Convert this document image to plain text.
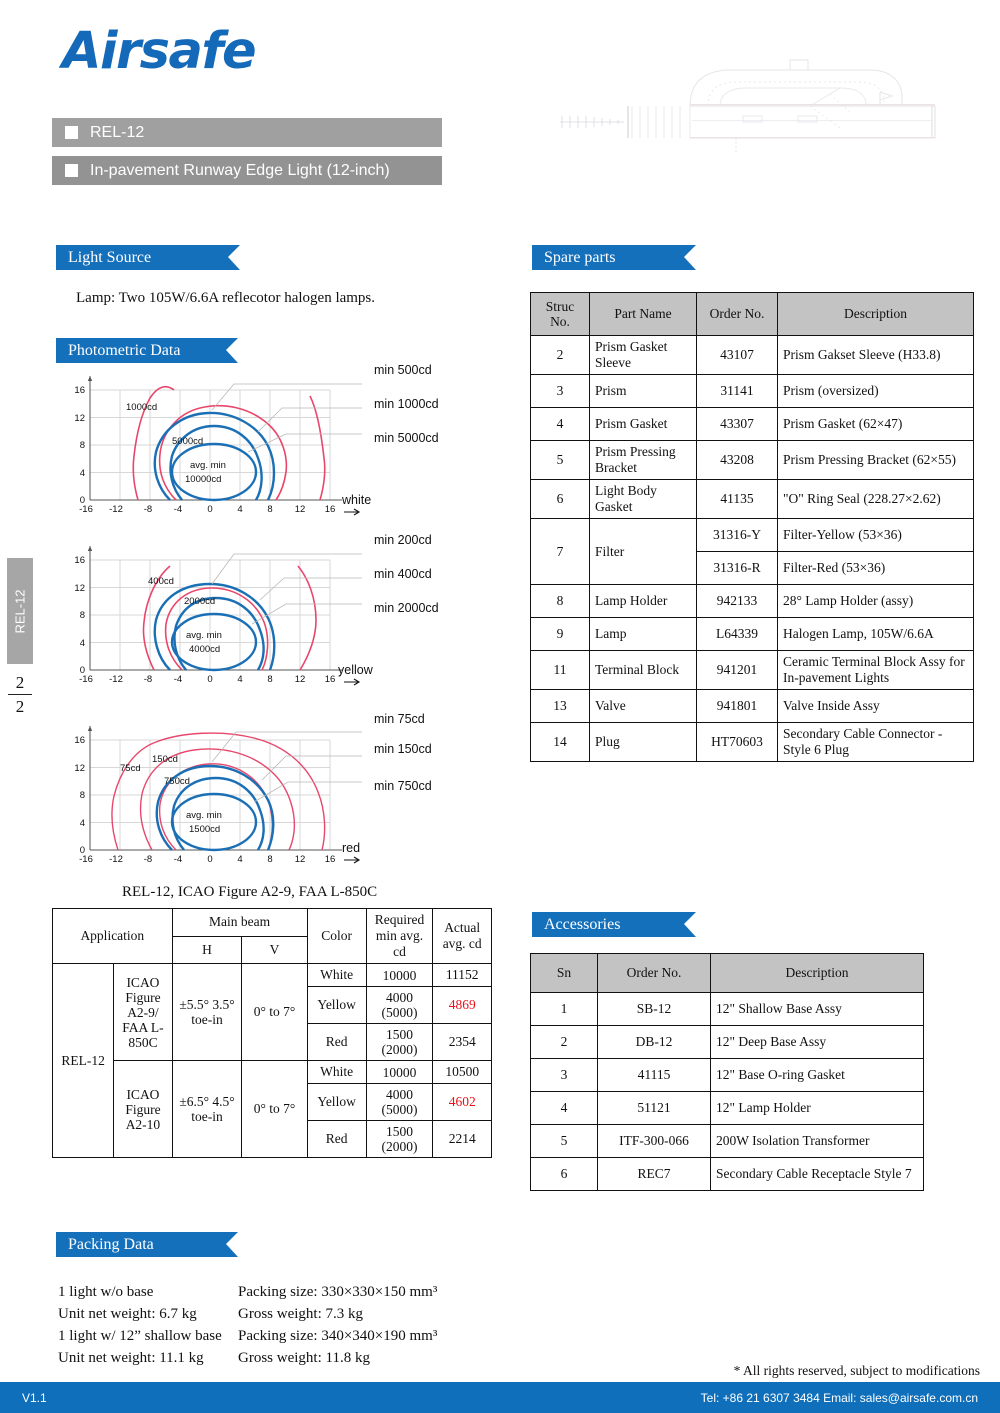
Airsafe
REL-12
In-pavement Runway Edge Light (12-inch)
REL-12
2
2
Light Source
Lamp: Two 105W/6.6A reflecotor halogen lamps.
Photometric Data
-16 -12 -8 -4	0	4	8 12 16
0
4
8
12
16
1000cd
5000cd
avg. min
10000cd
min 500cd
min 1000cd
min 5000cd
white
-16 -12 -8 -4	0	4	8 12 16
0
4
8
12
16
400cd
2000cd
avg. min
4000cd
min 200cd
min 400cd
min 2000cd
yellow
-16 -12 -8 -4	0	4	8 12 16
0
4
8
12
16
75cd
150cd
750cd
avg. min
1500cd
min 75cd
min 150cd
min 750cd
red
REL-12, ICAO Figure A2-9, FAA L-850C
Application		Main beam		Color	Required min avg. cd	Actual avg. cd
		H	V			
REL-12	ICAO Figure A2-9/ FAA L-850C	±5.5° 3.5° toe-in	0° to 7°	White	10000	11152
				Yellow	4000 (5000)	4869
				Red	1500 (2000)	2354
	ICAO Figure A2-10	±6.5° 4.5° toe-in	0° to 7°	White	10000	10500
				Yellow	4000 (5000)	4602
				Red	1500 (2000)	2214
Spare parts
Struc
No.	Part Name	Order No.	Description
2	Prism Gasket Sleeve	43107	Prism Gakset Sleeve (H33.8)
3	Prism	31141	Prism (oversized)
4	Prism Gasket	43307	Prism Gasket (62×47)
5	Prism Pressing Bracket	43208	Prism Pressing Bracket (62×55)
6	Light Body Gasket	41135	"O" Ring Seal (228.27×2.62)
7	Filter	31316-Y	Filter-Yellow (53×36)
		31316-R	Filter-Red (53×36)
8	Lamp Holder	942133	28° Lamp Holder (assy)
9	Lamp	L64339	Halogen Lamp, 105W/6.6A
11	Terminal Block	941201	Ceramic Terminal Block Assy for In-pavement Lights
13	Valve	941801	Valve Inside Assy
14	Plug	HT70603	Secondary Cable Connector - Style 6 Plug
Accessories
Sn	Order No.	Description
1	SB-12	12" Shallow Base Assy
2	DB-12	12" Deep Base Assy
3	41115	12" Base O-ring Gasket
4	51121	12" Lamp Holder
5	ITF-300-066	200W Isolation Transformer
6	REC7	Secondary Cable Receptacle Style 7
Packing Data
1 light w/o base	Packing size: 330×330×150 mm³
Unit net weight: 6.7 kg	Gross weight: 7.3 kg
1 light w/ 12” shallow base	Packing size: 340×340×190 mm³
Unit net weight: 11.1 kg	Gross weight: 11.8 kg
* All rights reserved, subject to modifications
V1.1	Tel: +86 21 6307 3484 Email: sales@airsafe.com.cn
